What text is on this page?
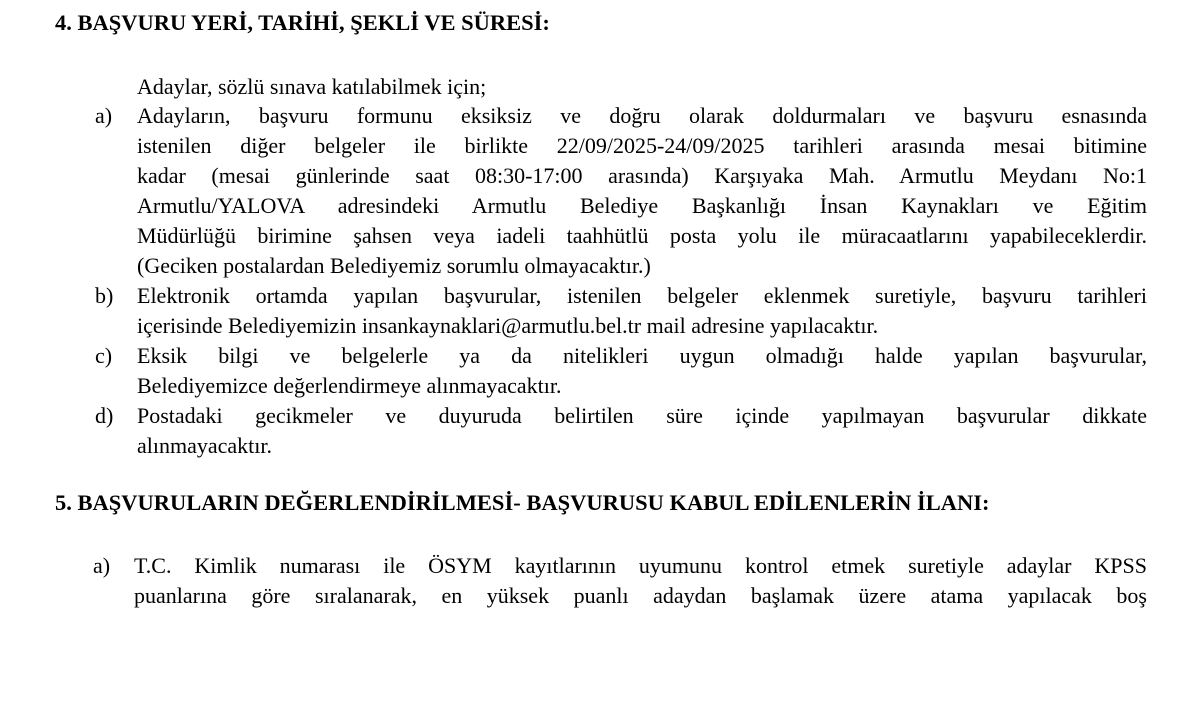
4. BAŞVURU YERİ, TARİHİ, ŞEKLİ VE SÜRESİ:
Adaylar, sözlü sınava katılabilmek için;
a)	Adayların, başvuru formunu eksiksiz ve doğru olarak doldurmaları ve başvuru esnasında
istenilen diğer belgeler ile birlikte 22/09/2025-24/09/2025 tarihleri arasında mesai bitimine
kadar (mesai günlerinde saat 08:30-17:00 arasında) Karşıyaka Mah. Armutlu Meydanı No:1
Armutlu/YALOVA adresindeki Armutlu Belediye Başkanlığı İnsan Kaynakları ve Eğitim
Müdürlüğü birimine şahsen veya iadeli taahhütlü posta yolu ile müracaatlarını yapabileceklerdir.
(Geciken postalardan Belediyemiz sorumlu olmayacaktır.)
b)	Elektronik ortamda yapılan başvurular, istenilen belgeler eklenmek suretiyle, başvuru tarihleri
içerisinde Belediyemizin insankaynaklari@armutlu.bel.tr mail adresine yapılacaktır.
c)	Eksik bilgi ve belgelerle ya da nitelikleri uygun olmadığı halde yapılan başvurular,
Belediyemizce değerlendirmeye alınmayacaktır.
d)	Postadaki gecikmeler ve duyuruda belirtilen süre içinde yapılmayan başvurular dikkate
alınmayacaktır.
5. BAŞVURULARIN DEĞERLENDİRİLMESİ- BAŞVURUSU KABUL EDİLENLERİN İLANI:
a)	T.C. Kimlik numarası ile ÖSYM kayıtlarının uyumunu kontrol etmek suretiyle adaylar KPSS
puanlarına göre sıralanarak, en yüksek puanlı adaydan başlamak üzere atama yapılacak boş
